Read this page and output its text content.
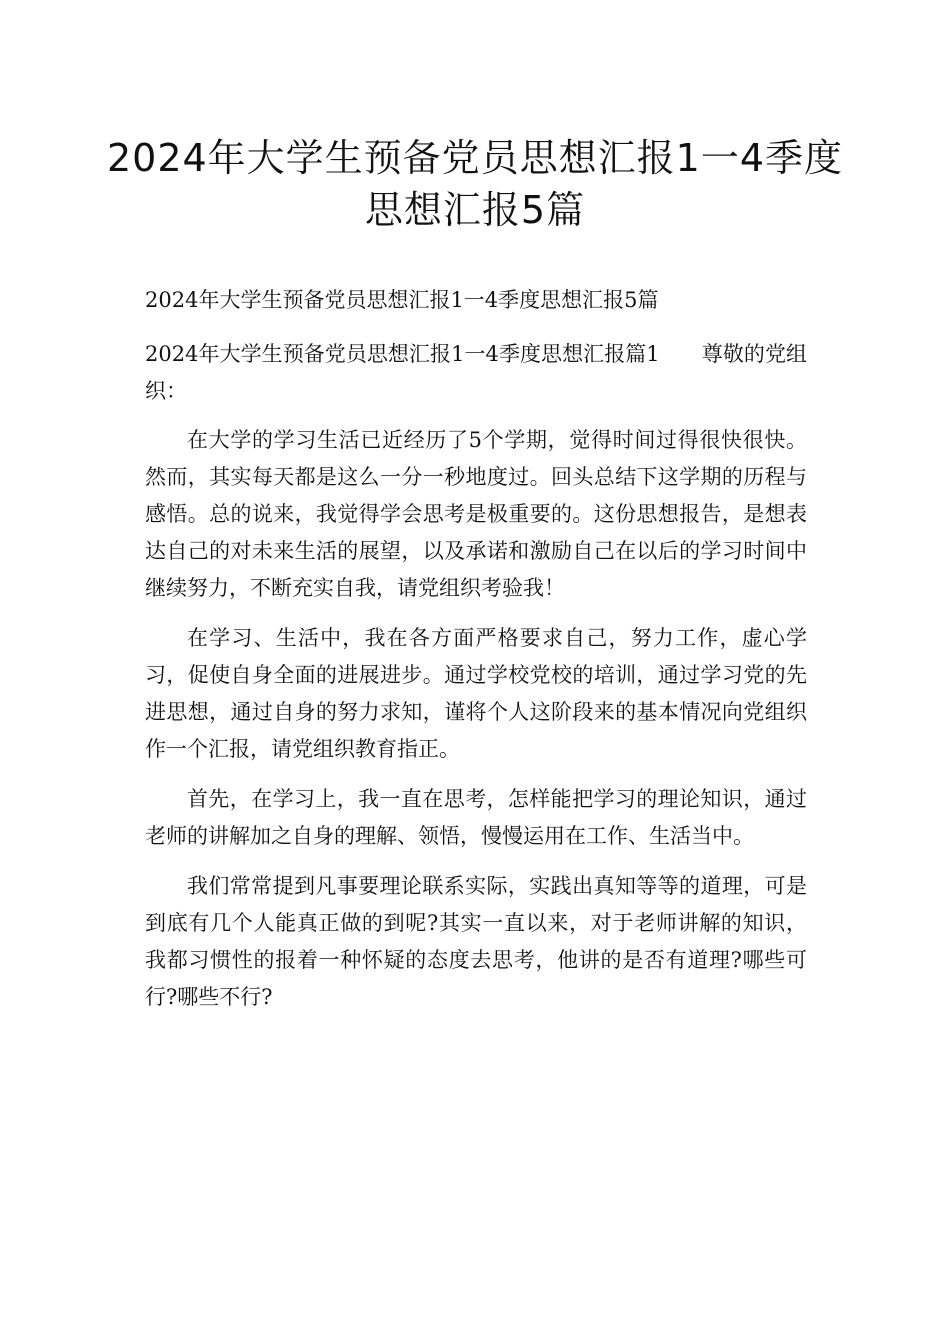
2024年大学生预备党员思想汇报1一4季度思想汇报5篇

2024年大学生预备党员思想汇报1一4季度思想汇报5篇

2024年大学生预备党员思想汇报1一4季度思想汇报篇1　　尊敬的党组织：

在大学的学习生活已近经历了5个学期，觉得时间过得很快很快。然而，其实每天都是这么一分一秒地度过。回头总结下这学期的历程与感悟。总的说来，我觉得学会思考是极重要的。这份思想报告，是想表达自己的对未来生活的展望，以及承诺和激励自己在以后的学习时间中继续努力，不断充实自我，请党组织考验我！

在学习、生活中，我在各方面严格要求自己，努力工作，虚心学习，促使自身全面的进展进步。通过学校党校的培训，通过学习党的先进思想，通过自身的努力求知，谨将个人这阶段来的基本情况向党组织作一个汇报，请党组织教育指正。

首先，在学习上，我一直在思考，怎样能把学习的理论知识，通过老师的讲解加之自身的理解、领悟，慢慢运用在工作、生活当中。

我们常常提到凡事要理论联系实际，实践出真知等等的道理，可是到底有几个人能真正做的到呢?其实一直以来，对于老师讲解的知识，我都习惯性的报着一种怀疑的态度去思考，他讲的是否有道理?哪些可行?哪些不行?
